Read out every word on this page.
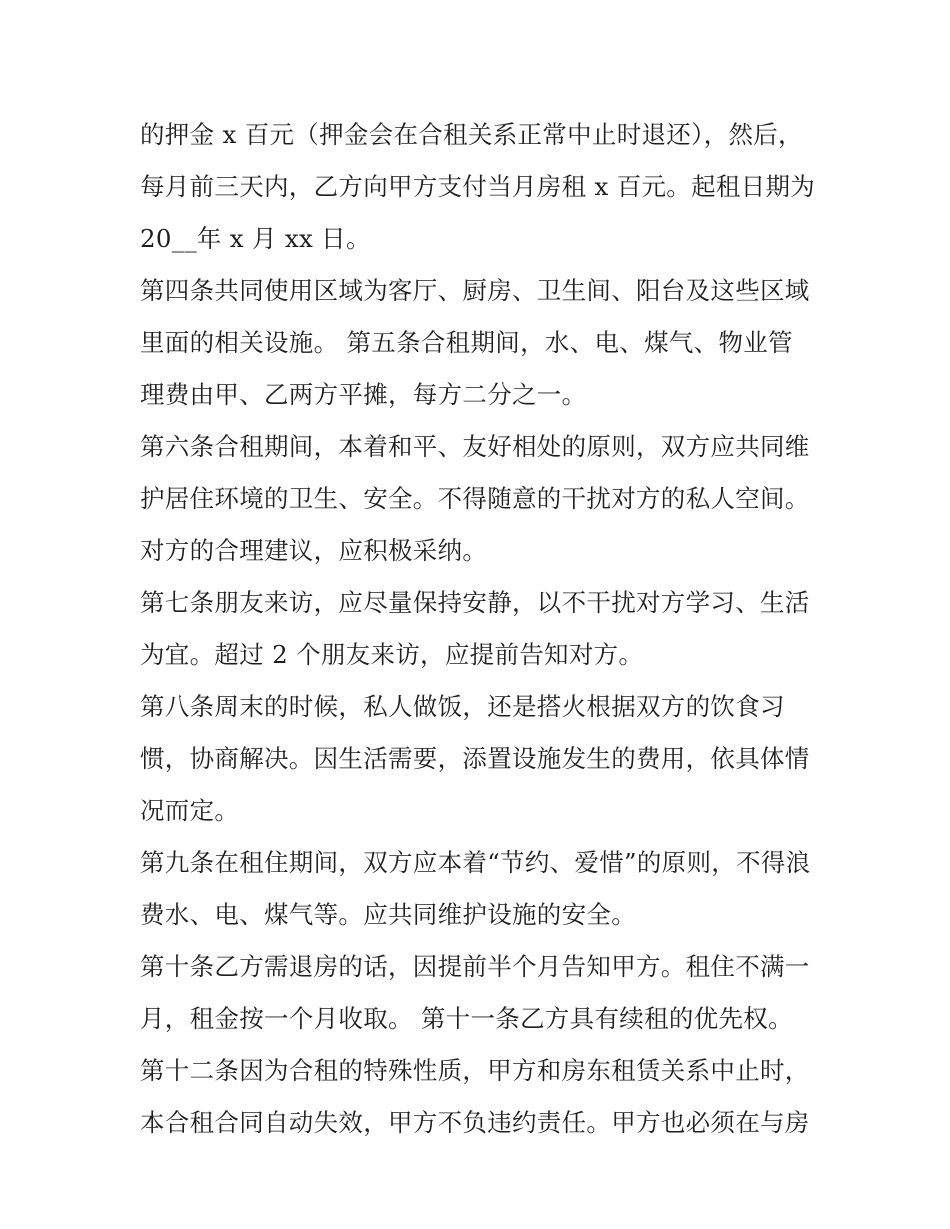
的押金 x 百元（押金会在合租关系正常中止时退还），然后，
每月前三天内，乙方向甲方支付当月房租 x 百元。起租日期为
20__年 x 月 xx 日。
第四条共同使用区域为客厅、厨房、卫生间、阳台及这些区域
里面的相关设施。 第五条合租期间，水、电、煤气、物业管
理费由甲、乙两方平摊，每方二分之一。
第六条合租期间，本着和平、友好相处的原则，双方应共同维
护居住环境的卫生、安全。不得随意的干扰对方的私人空间。
对方的合理建议，应积极采纳。
第七条朋友来访，应尽量保持安静，以不干扰对方学习、生活
为宜。超过 2 个朋友来访，应提前告知对方。
第八条周末的时候，私人做饭，还是搭火根据双方的饮食习
惯，协商解决。因生活需要，添置设施发生的费用，依具体情
况而定。
第九条在租住期间，双方应本着“节约、爱惜”的原则，不得浪
费水、电、煤气等。应共同维护设施的安全。
第十条乙方需退房的话，因提前半个月告知甲方。租住不满一
月，租金按一个月收取。 第十一条乙方具有续租的优先权。
第十二条因为合租的特殊性质，甲方和房东租赁关系中止时，
本合租合同自动失效，甲方不负违约责任。甲方也必须在与房
